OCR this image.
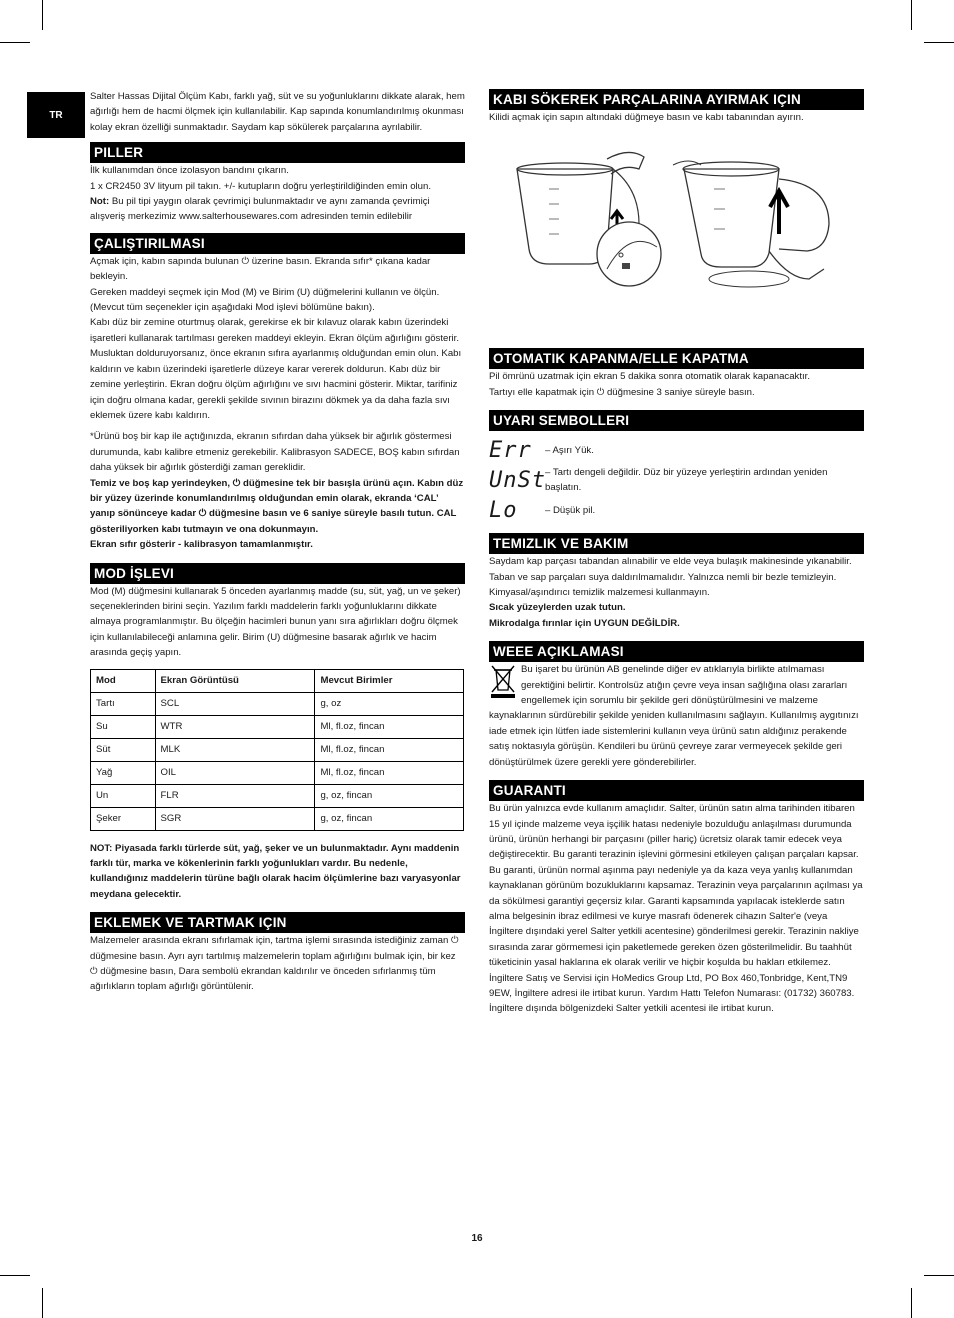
TR

Salter Hassas Dijital Ölçüm Kabı, farklı yağ, süt ve su yoğunluklarını dikkate alarak, hem ağırlığı hem de hacmi ölçmek için kullanılabilir. Kap sapında konumlandırılmış okunması kolay ekran özelliği sunmaktadır. Saydam kap sökülerek parçalarına ayrılabilir.

PILLER

İlk kullanımdan önce izolasyon bandını çıkarın.

1 x CR2450 3V lityum pil takın. +/- kutupların doğru yerleştirildiğinden emin olun.

Not: Bu pil tipi yaygın olarak çevrimiçi bulunmaktadır ve aynı zamanda çevrimiçi alışveriş merkezimiz www.salterhousewares.com adresinden temin edilebilir

ÇALIŞTIRILMASI

Açmak için, kabın sapında bulunan ⏻ üzerine basın. Ekranda sıfır* çıkana kadar bekleyin.

Gereken maddeyi seçmek için Mod (M) ve Birim (U) düğmelerini kullanın ve ölçün. (Mevcut tüm seçenekler için aşağıdaki Mod işlevi bölümüne bakın).

Kabı düz bir zemine oturtmuş olarak, gerekirse ek bir kılavuz olarak kabın üzerindeki işaretleri kullanarak tartılması gereken maddeyi ekleyin. Ekran ölçüm ağırlığını gösterir.

Musluktan dolduruyorsanız, önce ekranın sıfıra ayarlanmış olduğundan emin olun. Kabı kaldırın ve kabın üzerindeki işaretlerle düzeye karar vererek doldurun. Kabı düz bir zemine yerleştirin. Ekran doğru ölçüm ağırlığını ve sıvı hacmini gösterir. Miktar, tarifiniz için doğru olmana kadar, gerekli şekilde sıvının birazını dökmek ya da daha fazla sıvı eklemek üzere kabı kaldırın.

*Ürünü boş bir kap ile açtığınızda, ekranın sıfırdan daha yüksek bir ağırlık göstermesi durumunda, kabı kalibre etmeniz gerekebilir. Kalibrasyon SADECE, BOŞ kabın sıfırdan daha yüksek bir ağırlık gösterdiği zaman gereklidir.

Temiz ve boş kap yerindeyken, ⏻ düğmesine tek bir basışla ürünü açın. Kabın düz bir yüzey üzerinde konumlandırılmış olduğundan emin olarak, ekranda ‘CAL’ yanıp sönünceye kadar ⏻ düğmesine basın ve 6 saniye süreyle basılı tutun. CAL gösteriliyorken kabı tutmayın ve ona dokunmayın.

Ekran sıfır gösterir - kalibrasyon tamamlanmıştır.

MOD İŞLEVI

Mod (M) düğmesini kullanarak 5 önceden ayarlanmış madde (su, süt, yağ, un ve şeker) seçeneklerinden birini seçin. Yazılım farklı maddelerin farklı yoğunluklarını dikkate almaya programlanmıştır. Bu ölçeğin hacimleri bunun yanı sıra ağırlıkları doğru ölçmek için kullanılabileceği anlamına gelir. Birim (U) düğmesine basarak ağırlık ve hacim arasında geçiş yapın.

Mod	Ekran Görüntüsü	Mevcut Birimler
Tartı	SCL	g, oz
Su	WTR	Ml, fl.oz, fincan
Süt	MLK	Ml, fl.oz, fincan
Yağ	OIL	Ml, fl.oz, fincan
Un	FLR	g, oz, fincan
Şeker	SGR	g, oz, fincan

NOT: Piyasada farklı türlerde süt, yağ, şeker ve un bulunmaktadır. Aynı maddenin farklı tür, marka ve kökenlerinin farklı yoğunlukları vardır. Bu nedenle, kullandığınız maddelerin türüne bağlı olarak hacim ölçümlerine bazı varyasyonlar meydana gelecektir.

EKLEMEK VE TARTMAK IÇIN

Malzemeler arasında ekranı sıfırlamak için, tartma işlemi sırasında istediğiniz zaman ⏻ düğmesine basın. Ayrı ayrı tartılmış malzemelerin toplam ağırlığını bulmak için, bir kez ⏻ düğmesine basın, Dara sembolü ekrandan kaldırılır ve önceden sıfırlanmış tüm ağırlıkların toplam ağırlığı görüntülenir.

KABI SÖKEREK PARÇALARINA AYIRMAK IÇIN

Kilidi açmak için sapın altındaki düğmeye basın ve kabı tabanından ayırın.

OTOMATIK KAPANMA/ELLE KAPATMA

Pil ömrünü uzatmak için ekran 5 dakika sonra otomatik olarak kapanacaktır.

Tartıyı elle kapatmak için ⏻ düğmesine 3 saniye süreyle basın.

UYARI SEMBOLLERI
Err	– Aşırı Yük.
UnSt – Tartı dengeli değildir. Düz bir yüzeye yerleştirin ardından yeniden başlatın.
Lo	– Düşük pil.
TEMIZLIK VE BAKIM

Saydam kap parçası tabandan alınabilir ve elde veya bulaşık makinesinde yıkanabilir. Taban ve sap parçaları suya daldırılmamalıdır. Yalnızca nemli bir bezle temizleyin. Kimyasal/aşındırıcı temizlik malzemesi kullanmayın.

Sıcak yüzeylerden uzak tutun.

Mikrodalga fırınlar için UYGUN DEĞİLDİR.

WEEE AÇIKLAMASI

Bu işaret bu ürünün AB genelinde diğer ev atıklarıyla birlikte atılmaması gerektiğini belirtir. Kontrolsüz atığın çevre veya insan sağlığına olası zararları engellemek için sorumlu bir şekilde geri dönüştürülmesini ve malzeme kaynaklarının sürdürebilir şekilde yeniden kullanılmasını sağlayın. Kullanılmış aygıtınızı iade etmek için lütfen iade sistemlerini kullanın veya ürünü satın aldığınız perakende satış noktasıyla görüşün. Kendileri bu ürünü çevreye zarar vermeyecek şekilde geri dönüştürülmek üzere gerekli yere gönderebilirler.

GUARANTI

Bu ürün yalnızca evde kullanım amaçlıdır. Salter, ürünün satın alma tarihinden itibaren 15 yıl içinde malzeme veya işçilik hatası nedeniyle bozulduğu anlaşılması durumunda ürünü, ürünün herhangi bir parçasını (piller hariç) ücretsiz olarak tamir edecek veya değiştirecektir. Bu garanti terazinin işlevini görmesini etkileyen çalışan parçaları kapsar. Bu garanti, ürünün normal aşınma payı nedeniyle ya da kaza veya yanlış kullanımdan kaynaklanan görünüm bozukluklarını kapsamaz. Terazinin veya parçalarının açılması ya da sökülmesi garantiyi geçersiz kılar. Garanti kapsamında yapılacak isteklerde satın alma belgesinin ibraz edilmesi ve kurye masrafı ödenerek cihazın Salter'e (veya İngiltere dışındaki yerel Salter yetkili acentesine) gönderilmesi gerekir. Terazinin nakliye sırasında zarar görmemesi için paketlemede gereken özen gösterilmelidir. Bu taahhüt tüketicinin yasal haklarına ek olarak verilir ve hiçbir koşulda bu hakları etkilemez. İngiltere Satış ve Servisi için HoMedics Group Ltd, PO Box 460,Tonbridge, Kent,TN9 9EW, İngiltere adresi ile irtibat kurun. Yardım Hattı Telefon Numarası: (01732) 360783. İngiltere dışında bölgenizdeki Salter yetkili acentesi ile irtibat kurun.

16
